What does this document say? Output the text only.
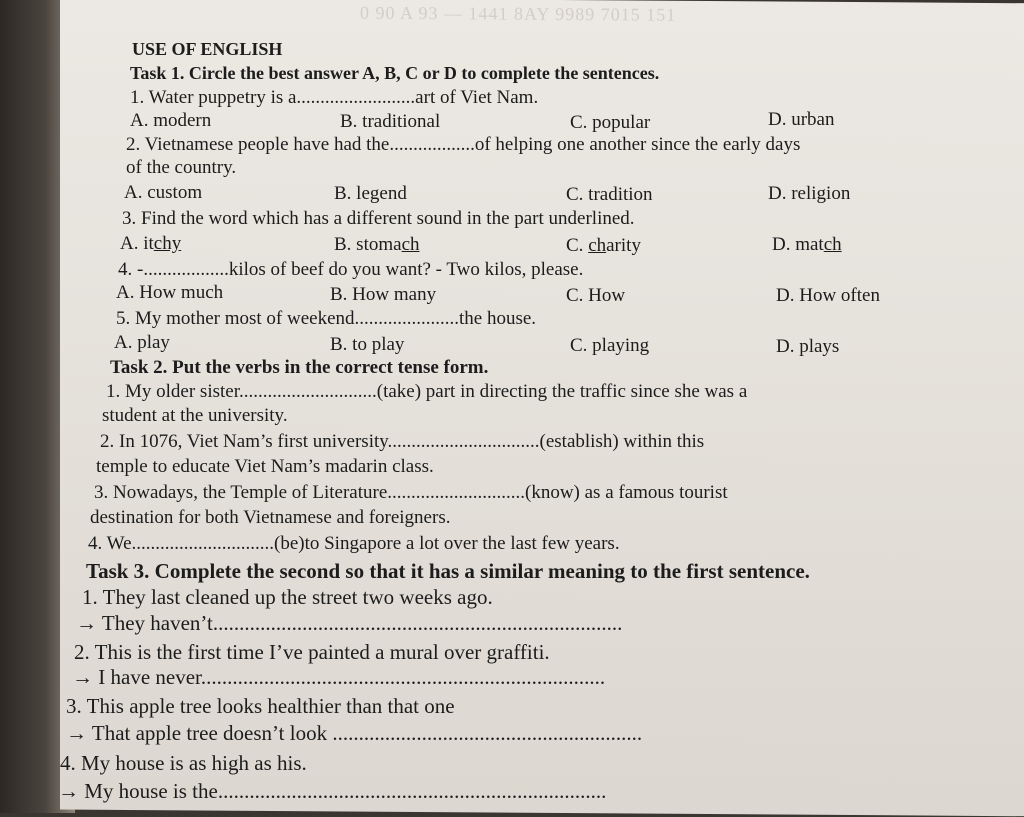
0 90 A 93 — 1441 8AY 9989 7015 151
USE OF ENGLISH
Task 1. Circle the best answer A, B, C or D to complete the sentences.
1. Water puppetry is a.........................art of Viet Nam.
A. modern	B. traditional	C. popular	D. urban
2. Vietnamese people have had the..................of helping one another since the early days
of the country.
A. custom	B. legend	C. tradition	D. religion
3. Find the word which has a different sound in the part underlined.
A. itchy	B. stomach	C. charity	D. match
4. -..................kilos of beef do you want? - Two kilos, please.
A. How much	B. How many	C. How	D. How often
5. My mother most of weekend......................the house.
A. play	B. to play	C. playing	D. plays
Task 2. Put the verbs in the correct tense form.
1. My older sister.............................(take) part in directing the traffic since she was a
student at the university.
2. In 1076, Viet Nam’s first university................................(establish) within this
temple to educate Viet Nam’s madarin class.
3. Nowadays, the Temple of Literature.............................(know) as a famous tourist
destination for both Vietnamese and foreigners.
4. We..............................(be)to Singapore a lot over the last few years.
Task 3. Complete the second so that it has a similar meaning to the first sentence.
1. They last cleaned up the street two weeks ago.
→ They haven’t..............................................................................
2. This is the first time I’ve painted a mural over graffiti.
→ I have never.............................................................................
3. This apple tree looks healthier than that one
→ That apple tree doesn’t look ...........................................................
4. My house is as high as his.
→ My house is the..........................................................................
